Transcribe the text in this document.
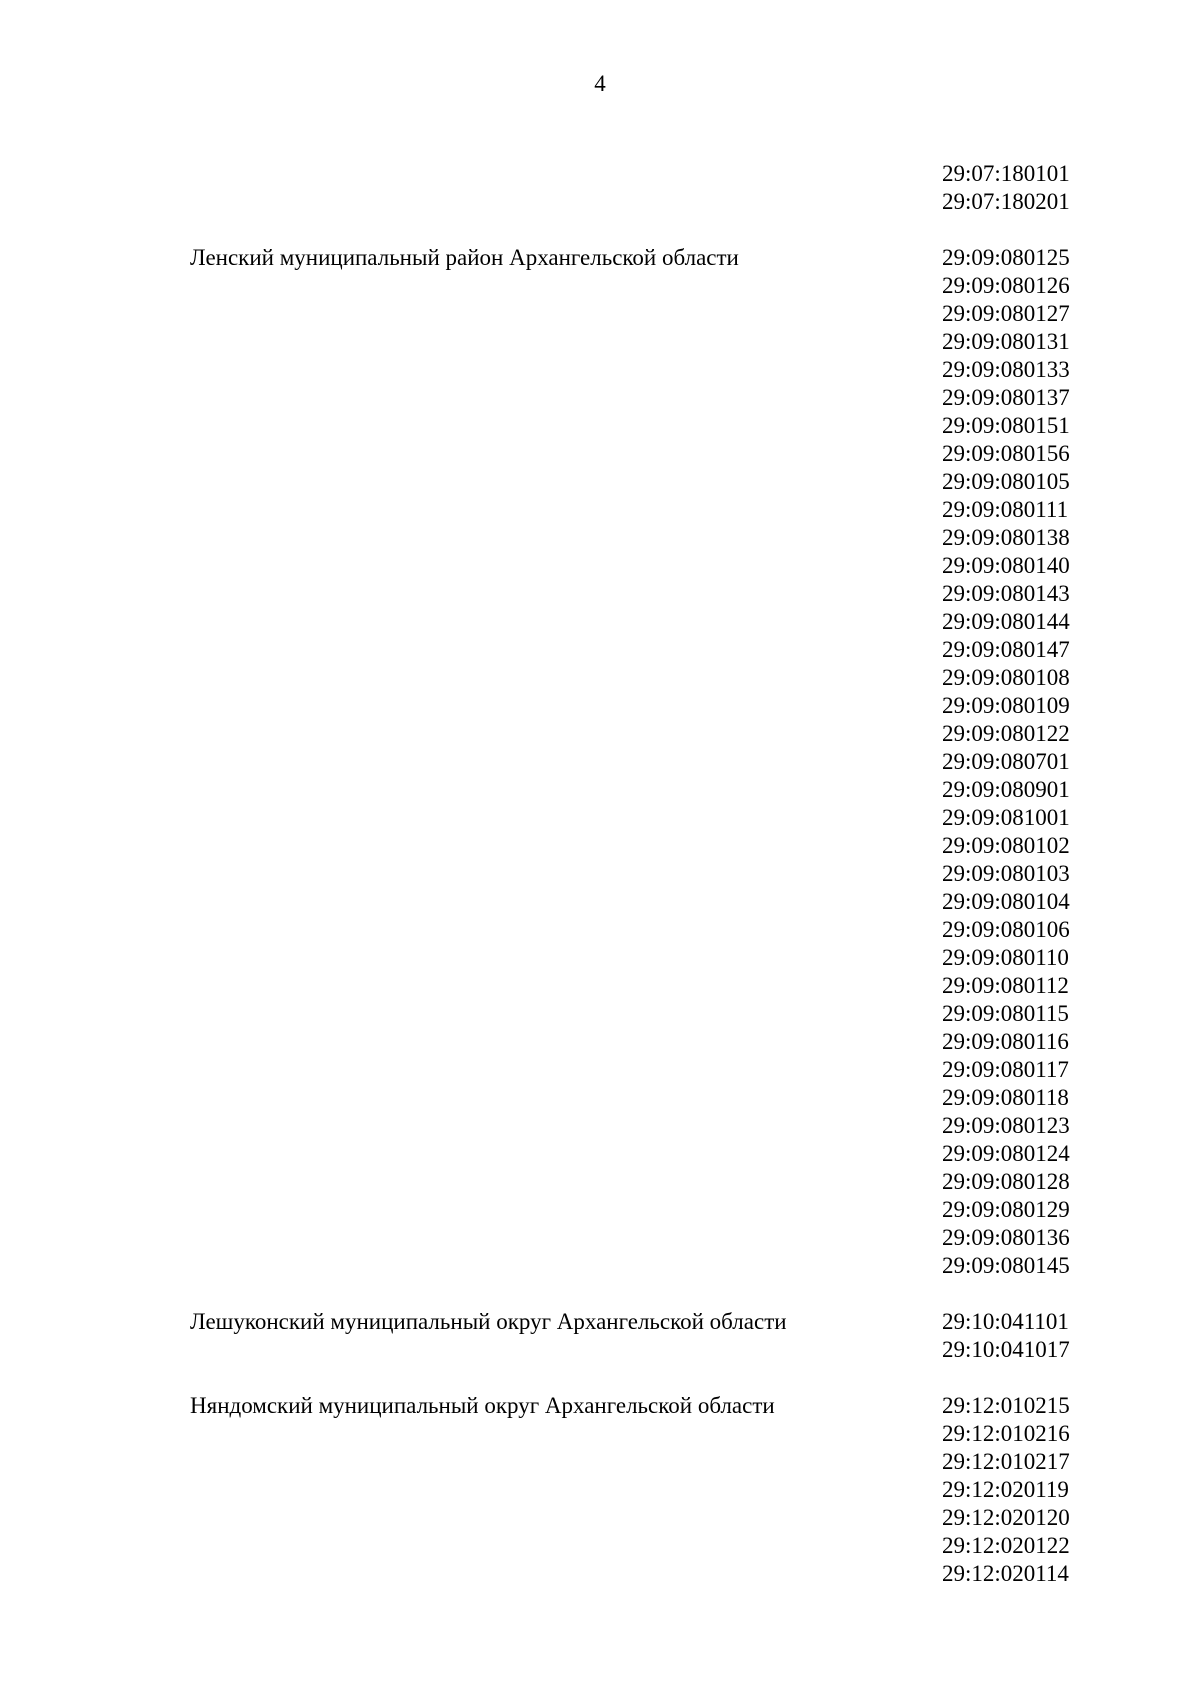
4
29:07:180101
29:07:180201
Ленский муниципальный район Архангельской области	29:09:080125
29:09:080126
29:09:080127
29:09:080131
29:09:080133
29:09:080137
29:09:080151
29:09:080156
29:09:080105
29:09:080111
29:09:080138
29:09:080140
29:09:080143
29:09:080144
29:09:080147
29:09:080108
29:09:080109
29:09:080122
29:09:080701
29:09:080901
29:09:081001
29:09:080102
29:09:080103
29:09:080104
29:09:080106
29:09:080110
29:09:080112
29:09:080115
29:09:080116
29:09:080117
29:09:080118
29:09:080123
29:09:080124
29:09:080128
29:09:080129
29:09:080136
29:09:080145
Лешуконский муниципальный округ Архангельской области	29:10:041101
29:10:041017
Няндомский муниципальный округ Архангельской области	29:12:010215
29:12:010216
29:12:010217
29:12:020119
29:12:020120
29:12:020122
29:12:020114
